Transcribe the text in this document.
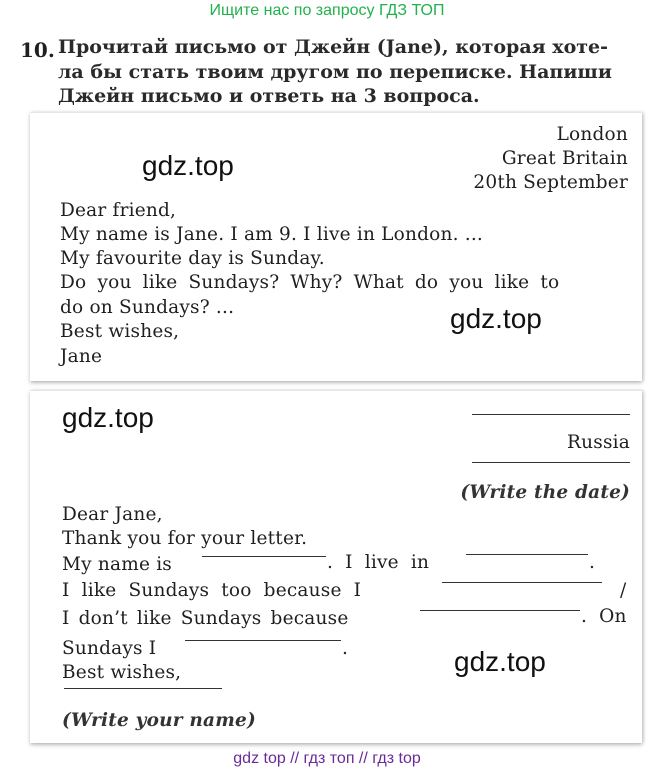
Ищите нас по запросу ГДЗ ТОП
10. Прочитай письмо от Джейн (Jane), которая хоте-
ла бы стать твоим другом по переписке. Напиши
Джейн письмо и ответь на 3 вопроса.
London
Great Britain
20th September
gdz.top
Dear friend,
My name is Jane. I am 9. I live in London. ...
My favourite day is Sunday.
Do you like Sundays? Why? What do you like to
do on Sundays? ...
Best wishes,
Jane
gdz.top
gdz.top
Russia
(Write the date)
Dear Jane,
Thank you for your letter.
My name is	. I live in	.
I like Sundays too because I	/
I don’t like Sundays because	. On
Sundays I	.
Best wishes,
(Write your name)
gdz.top
gdz top // гдз топ // гдз top
